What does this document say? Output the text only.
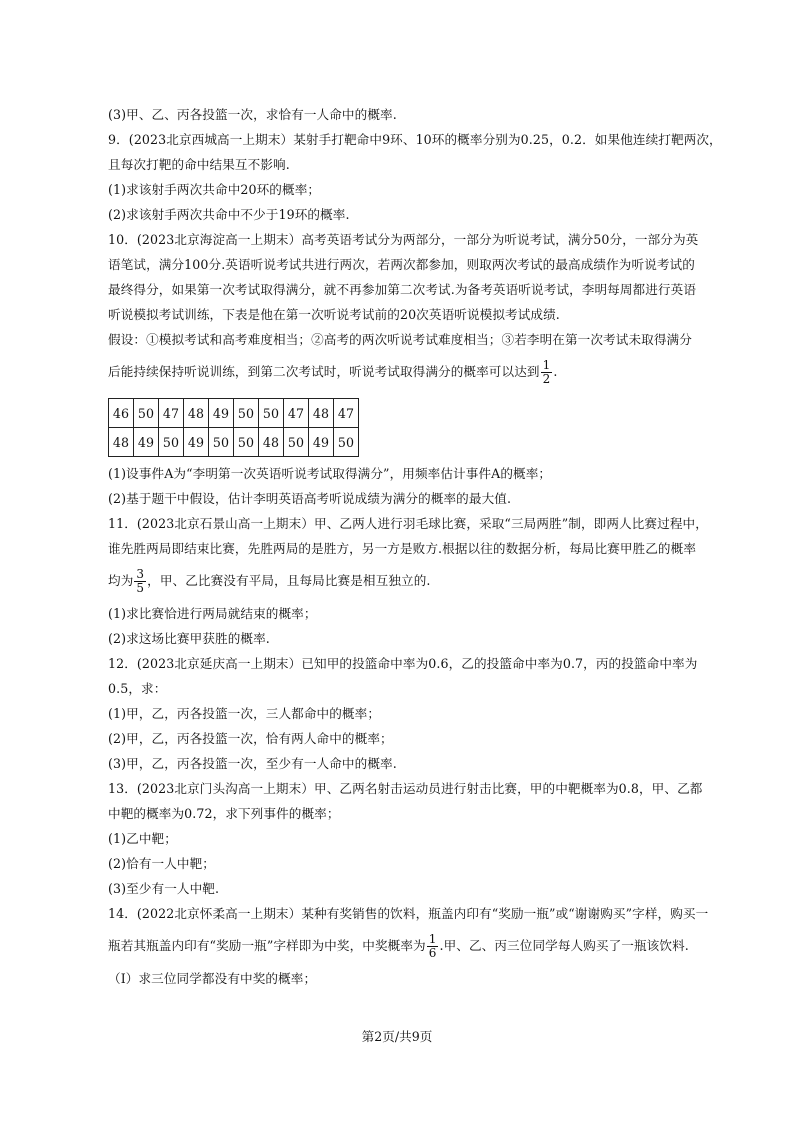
(3)甲、乙、丙各投篮一次，求恰有一人命中的概率.
9．(2023北京西城高一上期末）某射手打靶命中9环、10环的概率分别为0.25，0.2．如果他连续打靶两次，
且每次打靶的命中结果互不影响.
(1)求该射手两次共命中20环的概率；
(2)求该射手两次共命中不少于19环的概率.
10．(2023北京海淀高一上期末）高考英语考试分为两部分，一部分为听说考试，满分50分，一部分为英
语笔试，满分100分.英语听说考试共进行两次，若两次都参加，则取两次考试的最高成绩作为听说考试的
最终得分，如果第一次考试取得满分，就不再参加第二次考试.为备考英语听说考试，李明每周都进行英语
听说模拟考试训练，下表是他在第一次听说考试前的20次英语听说模拟考试成绩.
假设：①模拟考试和高考难度相当；②高考的两次听说考试难度相当；③若李明在第一次考试未取得满分
后能持续保持听说训练，到第二次考试时，听说考试取得满分的概率可以达到 $\frac{1}{2}$ .
46	50	47	48	49	50	50	47	48	47
48	49	50	49	50	50	48	50	49	50
(1)设事件A为“李明第一次英语听说考试取得满分”，用频率估计事件A的概率；
(2)基于题干中假设，估计李明英语高考听说成绩为满分的概率的最大值.
11．(2023北京石景山高一上期末）甲、乙两人进行羽毛球比赛，采取“三局两胜”制，即两人比赛过程中，
谁先胜两局即结束比赛，先胜两局的是胜方，另一方是败方.根据以往的数据分析，每局比赛甲胜乙的概率
均为 $\frac{3}{5}$ ，甲、乙比赛没有平局，且每局比赛是相互独立的.
(1)求比赛恰进行两局就结束的概率；
(2)求这场比赛甲获胜的概率.
12．(2023北京延庆高一上期末）已知甲的投篮命中率为0.6，乙的投篮命中率为0.7，丙的投篮命中率为
0.5，求：
(1)甲，乙，丙各投篮一次，三人都命中的概率；
(2)甲，乙，丙各投篮一次，恰有两人命中的概率；
(3)甲，乙，丙各投篮一次，至少有一人命中的概率.
13．(2023北京门头沟高一上期末）甲、乙两名射击运动员进行射击比赛，甲的中靶概率为0.8，甲、乙都
中靶的概率为0.72，求下列事件的概率；
(1)乙中靶；
(2)恰有一人中靶；
(3)至少有一人中靶.
14．(2022北京怀柔高一上期末）某种有奖销售的饮料，瓶盖内印有“奖励一瓶”或“谢谢购买”字样，购买一
瓶若其瓶盖内印有“奖励一瓶”字样即为中奖，中奖概率为 $\frac{1}{6}$ .甲、乙、丙三位同学每人购买了一瓶该饮料.
（I）求三位同学都没有中奖的概率；
第2页/共9页
